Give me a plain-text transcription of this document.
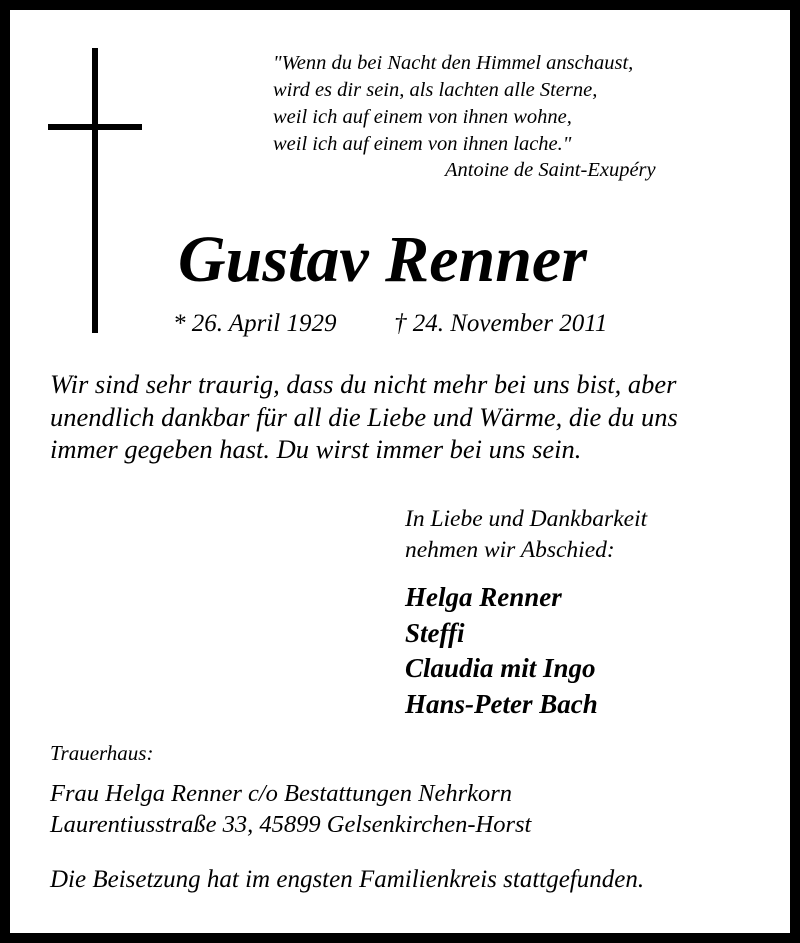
"Wenn du bei Nacht den Himmel anschaust,
wird es dir sein, als lachten alle Sterne,
weil ich auf einem von ihnen wohne,
weil ich auf einem von ihnen lache."
Antoine de Saint-Exupéry
Gustav Renner
* 26. April 1929 † 24. November 2011
Wir sind sehr traurig, dass du nicht mehr bei uns bist, aber
unendlich dankbar für all die Liebe und Wärme, die du uns
immer gegeben hast. Du wirst immer bei uns sein.
In Liebe und Dankbarkeit
nehmen wir Abschied:
Helga Renner
Steffi
Claudia mit Ingo
Hans-Peter Bach
Trauerhaus:
Frau Helga Renner c/o Bestattungen Nehrkorn
Laurentiusstraße 33, 45899 Gelsenkirchen-Horst
Die Beisetzung hat im engsten Familienkreis stattgefunden.
